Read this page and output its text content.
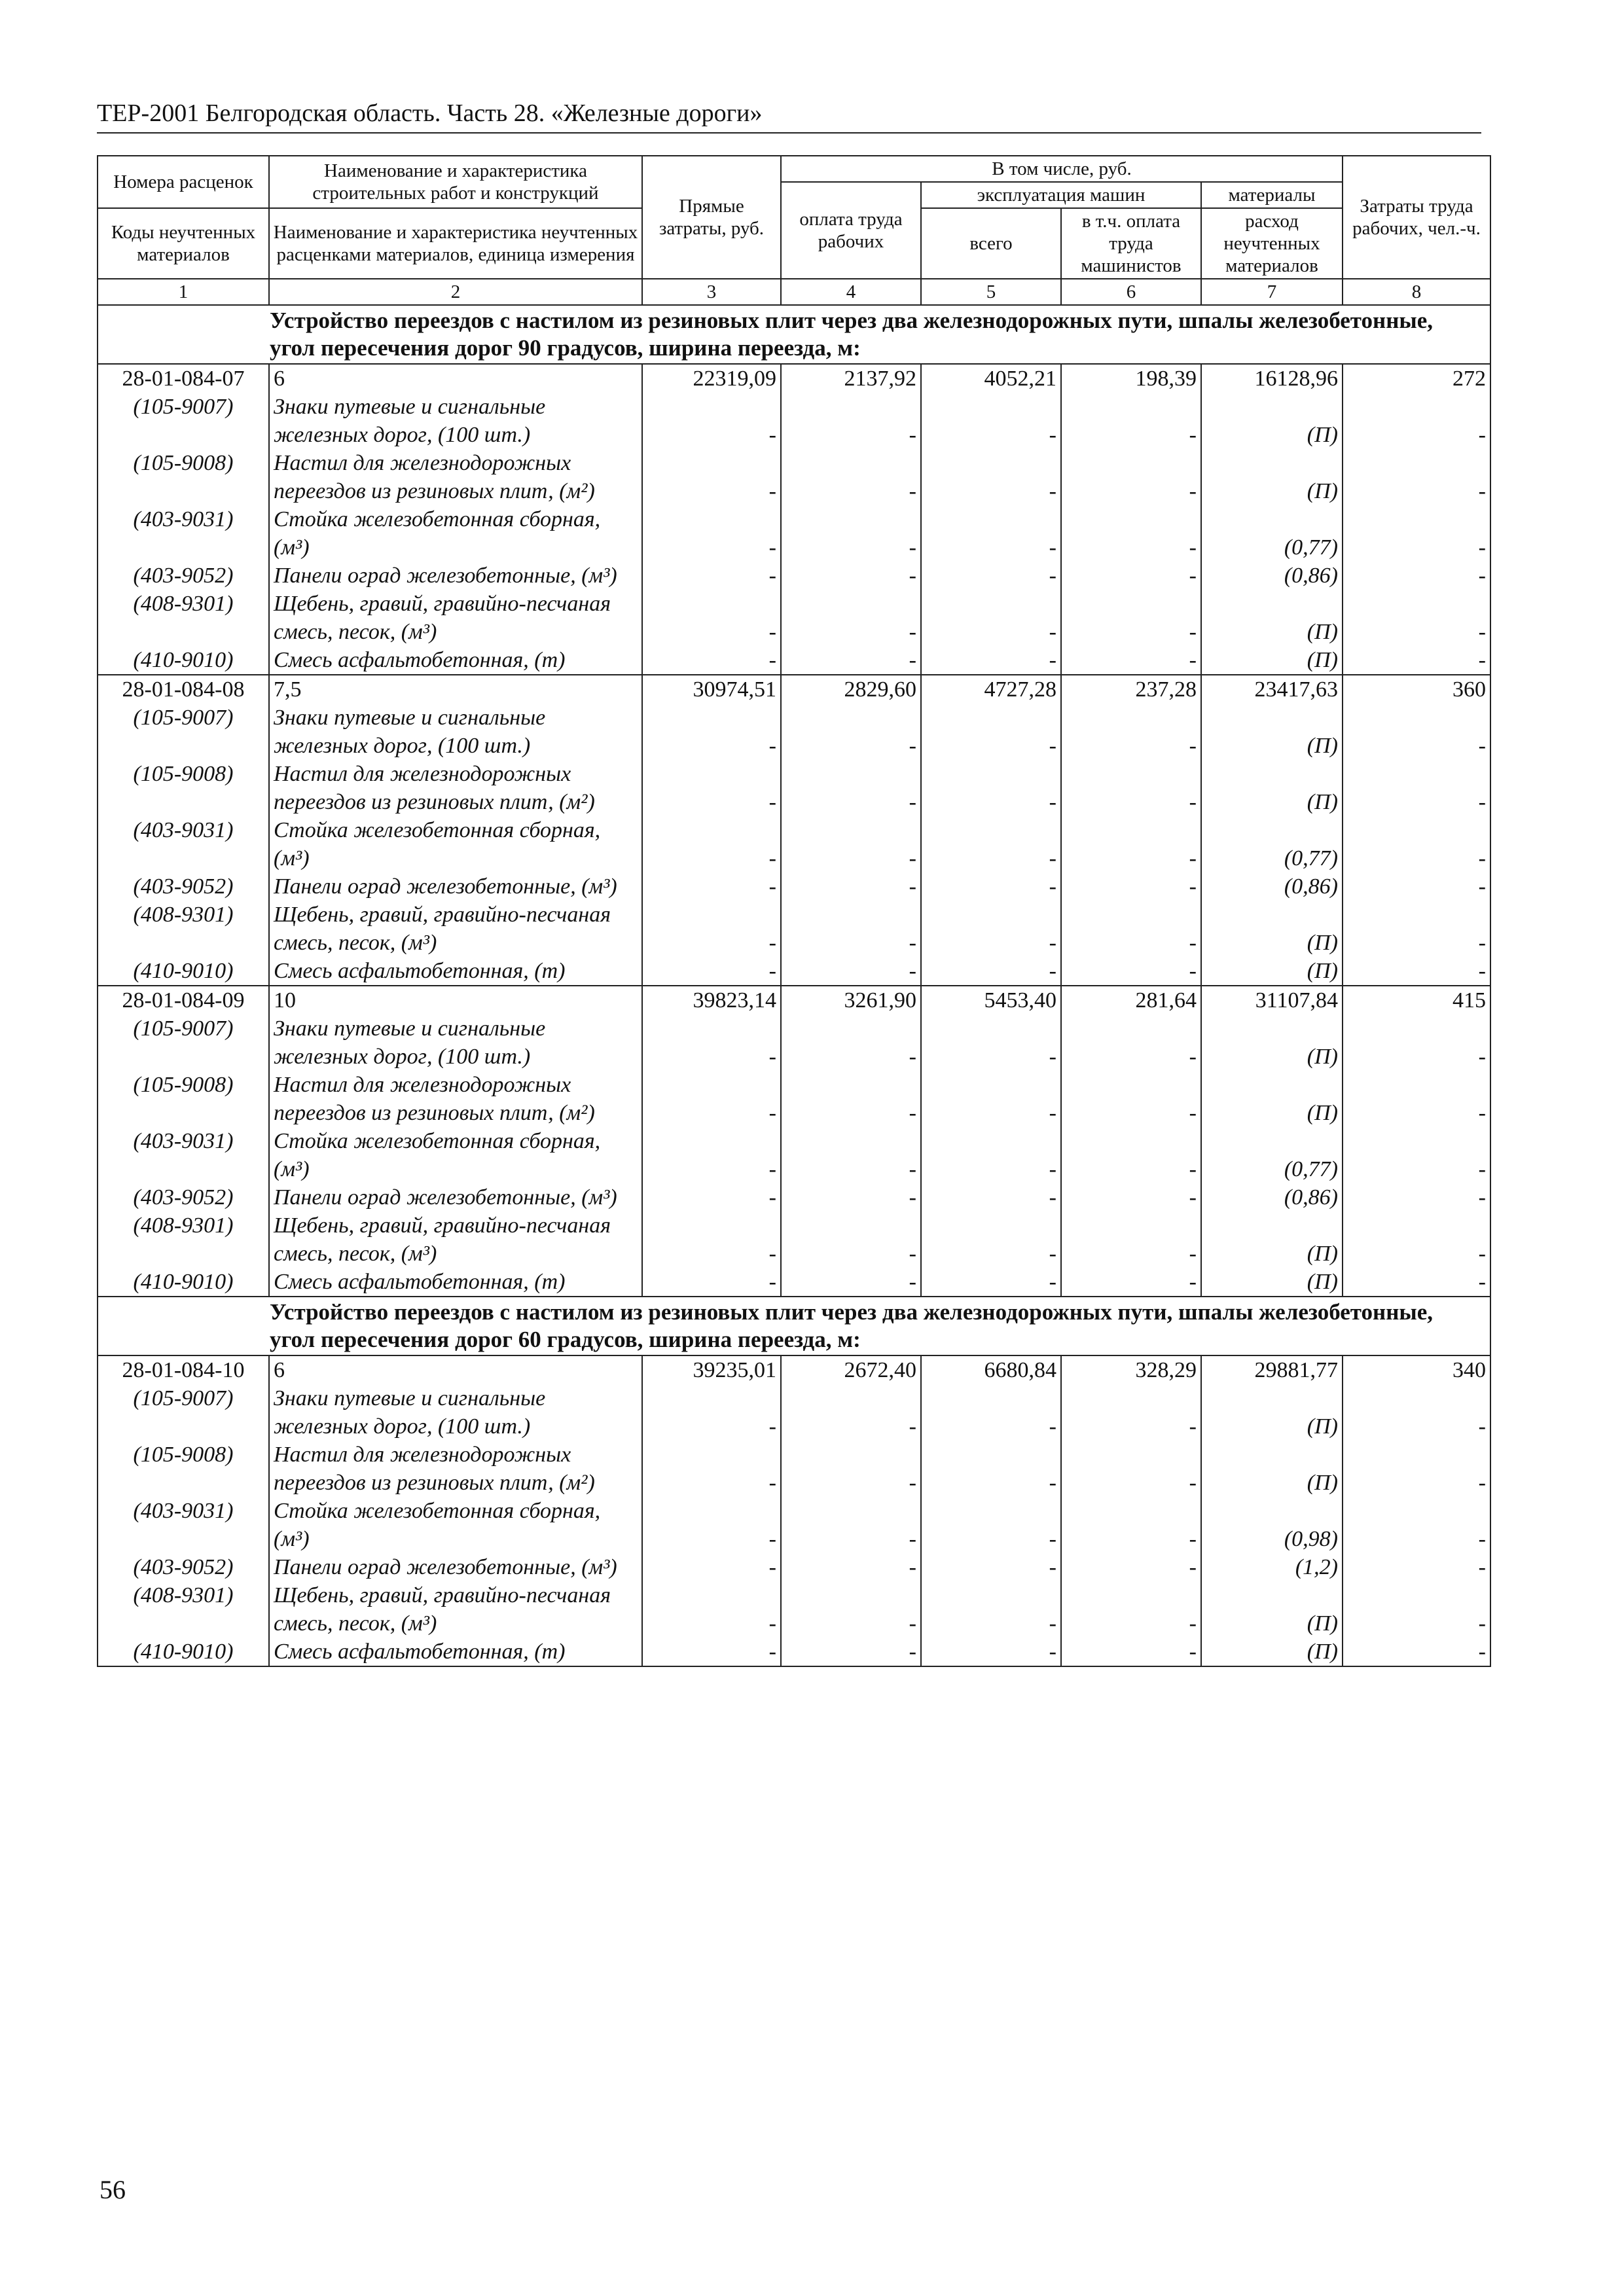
ТЕР-2001 Белгородская область. Часть 28. «Железные дороги»
Номера расценок	Наименование и характеристика строительных работ и конструкций	Прямые затраты, руб.	В том числе, руб.				Затраты труда рабочих, чел.-ч.
			оплата труда рабочих	эксплуатация машин		материалы	
Коды неучтенных материалов	Наименование и характеристика неучтенных расценками материалов, единица измерения			всего	в т.ч. оплата труда машинистов	расход неучтенных материалов	

1	2	3	4	5	6	7	8
Устройство переездов с настилом из резиновых плит через два железнодорожных пути, шпалы железобетонные, угол пересечения дорог 90 градусов, ширина переезда, м:							
28-01-084-07	6	22319,09	2137,92	4052,21	198,39	16128,96	272
(105-9007)	Знаки путевые и сигнальные железных дорог, (100 шт.)	-	-	-	-	(П)	-
(105-9008)	Настил для железнодорожных переездов из резиновых плит, (м²)	-	-	-	-	(П)	-
(403-9031)	Стойка железобетонная сборная, (м³)	-	-	-	-	(0,77)	-
(403-9052)	Панели оград железобетонные, (м³)	-	-	-	-	(0,86)	-
(408-9301)	Щебень, гравий, гравийно-песчаная смесь, песок, (м³)	-	-	-	-	(П)	-
(410-9010)	Смесь асфальтобетонная, (т)	-	-	-	-	(П)	-
28-01-084-08	7,5	30974,51	2829,60	4727,28	237,28	23417,63	360
(105-9007)	Знаки путевые и сигнальные железных дорог, (100 шт.)	-	-	-	-	(П)	-
(105-9008)	Настил для железнодорожных переездов из резиновых плит, (м²)	-	-	-	-	(П)	-
(403-9031)	Стойка железобетонная сборная, (м³)	-	-	-	-	(0,77)	-
(403-9052)	Панели оград железобетонные, (м³)	-	-	-	-	(0,86)	-
(408-9301)	Щебень, гравий, гравийно-песчаная смесь, песок, (м³)	-	-	-	-	(П)	-
(410-9010)	Смесь асфальтобетонная, (т)	-	-	-	-	(П)	-
28-01-084-09	10	39823,14	3261,90	5453,40	281,64	31107,84	415
(105-9007)	Знаки путевые и сигнальные железных дорог, (100 шт.)	-	-	-	-	(П)	-
(105-9008)	Настил для железнодорожных переездов из резиновых плит, (м²)	-	-	-	-	(П)	-
(403-9031)	Стойка железобетонная сборная, (м³)	-	-	-	-	(0,77)	-
(403-9052)	Панели оград железобетонные, (м³)	-	-	-	-	(0,86)	-
(408-9301)	Щебень, гравий, гравийно-песчаная смесь, песок, (м³)	-	-	-	-	(П)	-
(410-9010)	Смесь асфальтобетонная, (т)	-	-	-	-	(П)	-
Устройство переездов с настилом из резиновых плит через два железнодорожных пути, шпалы железобетонные, угол пересечения дорог 60 градусов, ширина переезда, м:							
28-01-084-10	6	39235,01	2672,40	6680,84	328,29	29881,77	340
(105-9007)	Знаки путевые и сигнальные железных дорог, (100 шт.)	-	-	-	-	(П)	-
(105-9008)	Настил для железнодорожных переездов из резиновых плит, (м²)	-	-	-	-	(П)	-
(403-9031)	Стойка железобетонная сборная, (м³)	-	-	-	-	(0,98)	-
(403-9052)	Панели оград железобетонные, (м³)	-	-	-	-	(1,2)	-
(408-9301)	Щебень, гравий, гравийно-песчаная смесь, песок, (м³)	-	-	-	-	(П)	-
(410-9010)	Смесь асфальтобетонная, (т)	-	-	-	-	(П)	-
56
